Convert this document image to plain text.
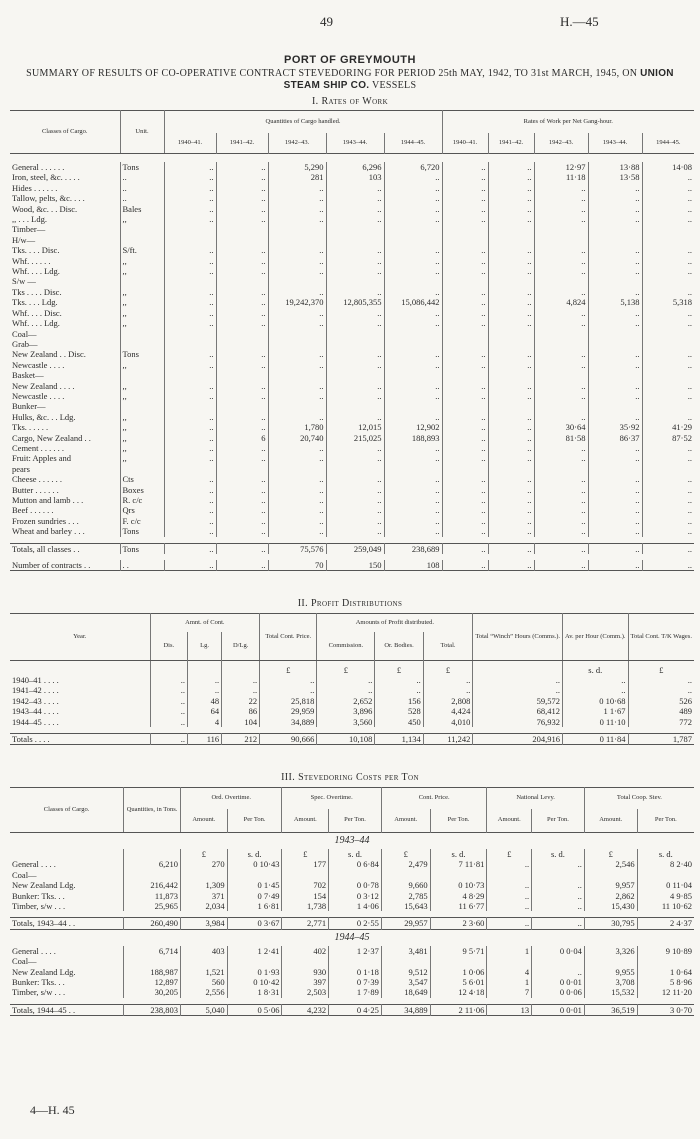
49	H.—45
PORT OF GREYMOUTH
SUMMARY OF RESULTS OF CO-OPERATIVE CONTRACT STEVEDORING FOR PERIOD 25th MAY, 1942, TO 31st MARCH, 1945, ON UNION STEAM SHIP CO. VESSELS
I. Rates of Work
Classes of Cargo.	Unit.	Quantities of Cargo handled.					Rates of Work per Net Gang-hour.				
		1940–41.	1941–42.	1942–43.	1943–44.	1944–45.	1940–41.	1941–42.	1942–43.	1943–44.	1944–45.

General . . . . . .	Tons	..	..	5,290	6,296	6,720	..	..	12·97	13·88	14·08
Iron, steel, &c. . . . .	..	..	..	281	103	..	..	..	11·18	13·58	..
Hides . . . . . .	..	..	..	..	..	..	..	..	..	..	..
Tallow, pelts, &c. . . .	..	..	..	..	..	..	..	..	..	..	..
Wood, &c. . . Disc.	Bales	..	..	..	..	..	..	..	..	..	..
,, . . . Ldg.	,,	..	..	..	..	..	..	..	..	..	..
Timber—											
H/w—											
Tks. . . . Disc.	S/ft.	..	..	..	..	..	..	..	..	..	..
Whf. . . . . .	,,	..	..	..	..	..	..	..	..	..	..
Whf. . . . Ldg.	,,	..	..	..	..	..	..	..	..	..	..
S/w —											
Tks . . . . Disc.	,,	..	..	..	..	..	..	..	..	..	..
Tks. . . . Ldg.	,,	..	..	19,242,370	12,805,355	15,086,442	..	..	4,824	5,138	5,318
Whf. . . . Disc.	,,	..	..	..	..	..	..	..	..	..	..
Whf. . . . Ldg.	,,	..	..	..	..	..	..	..	..	..	..
Coal—											
Grab—											
New Zealand . . Disc.	Tons	..	..	..	..	..	..	..	..	..	..
Newcastle . . . .	,,	..	..	..	..	..	..	..	..	..	..
Basket—											
New Zealand . . . .	,,	..	..	..	..	..	..	..	..	..	..
Newcastle . . . .	,,	..	..	..	..	..	..	..	..	..	..
Bunker—											
Hulks, &c. . . Ldg.	,,	..	..	..	..	..	..	..	..	..	..
Tks. . . . . .	,,	..	..	1,780	12,015	12,902	..	..	30·64	35·92	41·29
Cargo, New Zealand . .	,,	..	6	20,740	215,025	188,893	..	..	81·58	86·37	87·52
Cement . . . . . .	,,	..	..	..	..	..	..	..	..	..	..
Fruit: Apples and	,,	..	..	..	..	..	..	..	..	..	..
pears											
Cheese . . . . . .	Cts	..	..	..	..	..	..	..	..	..	..
Butter . . . . . .	Boxes	..	..	..	..	..	..	..	..	..	..
Mutton and lamb . . .	R. c/c	..	..	..	..	..	..	..	..	..	..
Beef . . . . . .	Qrs	..	..	..	..	..	..	..	..	..	..
Frozen sundries . . .	F. c/c	..	..	..	..	..	..	..	..	..	..
Wheat and barley . . .	Tons	..	..	..	..	..	..	..	..	..	..

Totals, all classes . .	Tons	..	..	75,576	259,049	238,689	..	..	..	..	..

Number of contracts . .	. .	..	..	70	150	108	..	..	..	..	..
II. Profit Distributions
Year.	Amnt. of Cont.			Total Cont. Price.	Amounts of Profit distributed.			Total “Winch” Hours (Comms.).	Av. per Hour (Comm.).	Total Cont. T/K Wages.
	Dis.	Lg.	D/Lg.		Commission.	Or. Bodies.	Total.			
				£	£	£	£		s. d.	£
1940–41 . . . .	..	..	..	..	..	..	..	..	..	..
1941–42 . . . .	..	..	..	..	..	..	..	..	..	..
1942–43 . . . .	..	48	22	25,818	2,652	156	2,808	59,572	0 10·68	526
1943–44 . . . .	..	64	86	29,959	3,896	528	4,424	68,412	1 1·67	489
1944–45 . . . .	..	4	104	34,889	3,560	450	4,010	76,932	0 11·10	772

Totals . . . .	..	116	212	90,666	10,108	1,134	11,242	204,916	0 11·84	1,787
III. Stevedoring Costs per Ton
Classes of Cargo.	Quantities, in Tons.	Ord. Overtime.		Spec. Overtime.		Cont. Price.		National Levy.		Total Coop. Stev.	
		Amount.	Per Ton.	Amount.	Per Ton.	Amount.	Per Ton.	Amount.	Per Ton.	Amount.	Per Ton.
1943–44											
		£	s. d.	£	s. d.	£	s. d.	£	s. d.	£	s. d.
General . . . .	6,210	270	0 10·43	177	0 6·84	2,479	7 11·81	..	..	2,546	8 2·40
Coal—											
New Zealand Ldg.	216,442	1,309	0 1·45	702	0 0·78	9,660	0 10·73	..	..	9,957	0 11·04
Bunker: Tks. . .	11,873	371	0 7·49	154	0 3·12	2,785	4 8·29	..	..	2,862	4 9·85
Timber, s/w . . .	25,965	2,034	1 6·81	1,738	1 4·06	15,643	11 6·77	..	..	15,430	11 10·62

Totals, 1943–44 . .	260,490	3,984	0 3·67	2,771	0 2·55	29,957	2 3·60	..	..	30,795	2 4·37
1944–45											
General . . . .	6,714	403	1 2·41	402	1 2·37	3,481	9 5·71	1	0 0·04	3,326	9 10·89
Coal—											
New Zealand Ldg.	188,987	1,521	0 1·93	930	0 1·18	9,512	1 0·06	4	..	9,955	1 0·64
Bunker: Tks. . .	12,897	560	0 10·42	397	0 7·39	3,547	5 6·01	1	0 0·01	3,708	5 8·96
Timber, s/w . . .	30,205	2,556	1 8·31	2,503	1 7·89	18,649	12 4·18	7	0 0·06	15,532	12 11·20

Totals, 1944–45 . .	238,803	5,040	0 5·06	4,232	0 4·25	34,889	2 11·06	13	0 0·01	36,519	3 0·70
4—H. 45
